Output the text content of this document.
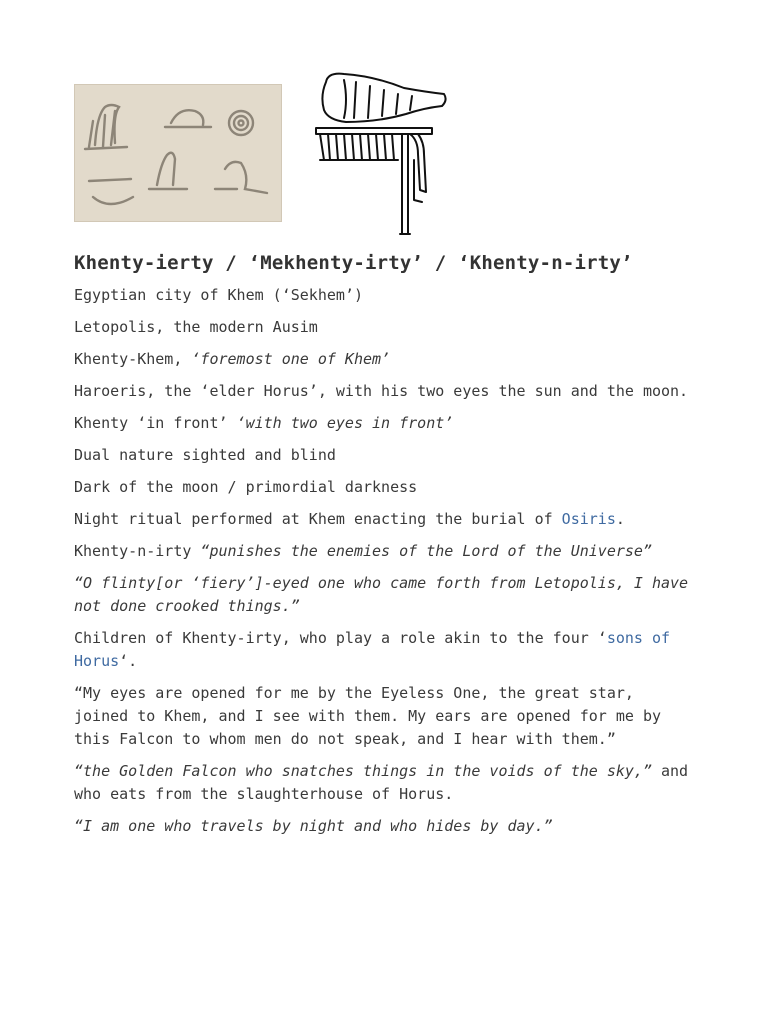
Khenty-ierty / ‘Mekhenty-irty’ / ‘Khenty-n-irty’

Egyptian city of Khem (‘Sekhem’)

Letopolis, the modern Ausim

Khenty-Khem, ‘foremost one of Khem’

Haroeris, the ‘elder Horus’, with his two eyes the sun and the moon.

Khenty ‘in front’ ‘with two eyes in front’

Dual nature sighted and blind

Dark of the moon / primordial darkness

Night ritual performed at Khem enacting the burial of Osiris.

Khenty-n-irty “punishes the enemies of the Lord of the Universe”

“O flinty[or ‘fiery’]-eyed one who came forth from Letopolis, I have not done crooked things.”

Children of Khenty-irty, who play a role akin to the four ‘sons of Horus‘.

“My eyes are opened for me by the Eyeless One, the great star, joined to Khem, and I see with them. My ears are opened for me by this Falcon to whom men do not speak, and I hear with them.”

“the Golden Falcon who snatches things in the voids of the sky,” and who eats from the slaughterhouse of Horus.

“I am one who travels by night and who hides by day.”
